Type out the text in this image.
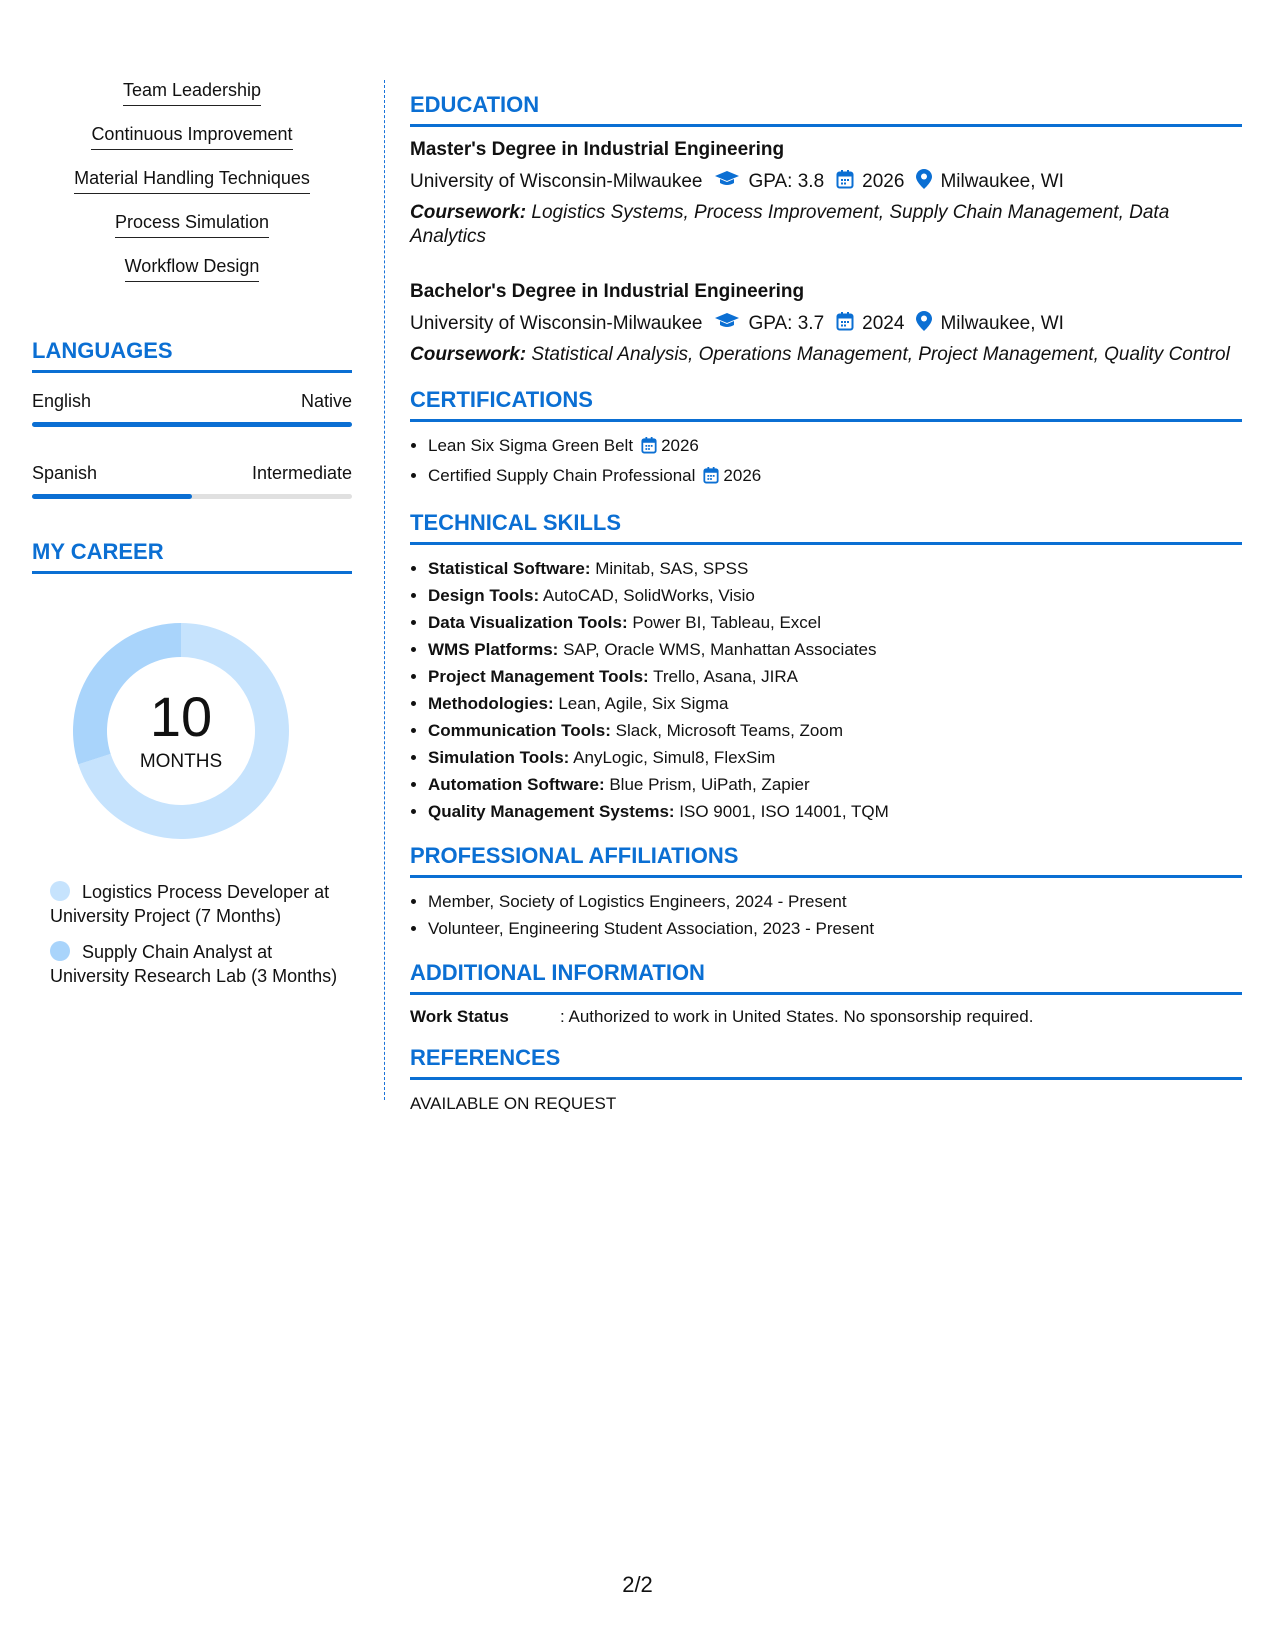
Team Leadership
Continuous Improvement
Material Handling Techniques
Process Simulation
Workflow Design
LANGUAGES
English	Native
Spanish	Intermediate
MY CAREER
10
MONTHS
Logistics Process Developer at University Project (7 Months)
Supply Chain Analyst at University Research Lab (3 Months)
EDUCATION
Master's Degree in Industrial Engineering
University of Wisconsin-Milwaukee GPA: 3.8 2026 Milwaukee, WI
Coursework: Logistics Systems, Process Improvement, Supply Chain Management, Data Analytics
Bachelor's Degree in Industrial Engineering
University of Wisconsin-Milwaukee GPA: 3.7 2024 Milwaukee, WI
Coursework: Statistical Analysis, Operations Management, Project Management, Quality Control
CERTIFICATIONS
• Lean Six Sigma Green Belt 2026
• Certified Supply Chain Professional 2026
TECHNICAL SKILLS
• Statistical Software: Minitab, SAS, SPSS
• Design Tools: AutoCAD, SolidWorks, Visio
• Data Visualization Tools: Power BI, Tableau, Excel
• WMS Platforms: SAP, Oracle WMS, Manhattan Associates
• Project Management Tools: Trello, Asana, JIRA
• Methodologies: Lean, Agile, Six Sigma
• Communication Tools: Slack, Microsoft Teams, Zoom
• Simulation Tools: AnyLogic, Simul8, FlexSim
• Automation Software: Blue Prism, UiPath, Zapier
• Quality Management Systems: ISO 9001, ISO 14001, TQM
PROFESSIONAL AFFILIATIONS
• Member, Society of Logistics Engineers, 2024 - Present
• Volunteer, Engineering Student Association, 2023 - Present
ADDITIONAL INFORMATION
Work Status	: Authorized to work in United States. No sponsorship required.
REFERENCES
AVAILABLE ON REQUEST
2/2
